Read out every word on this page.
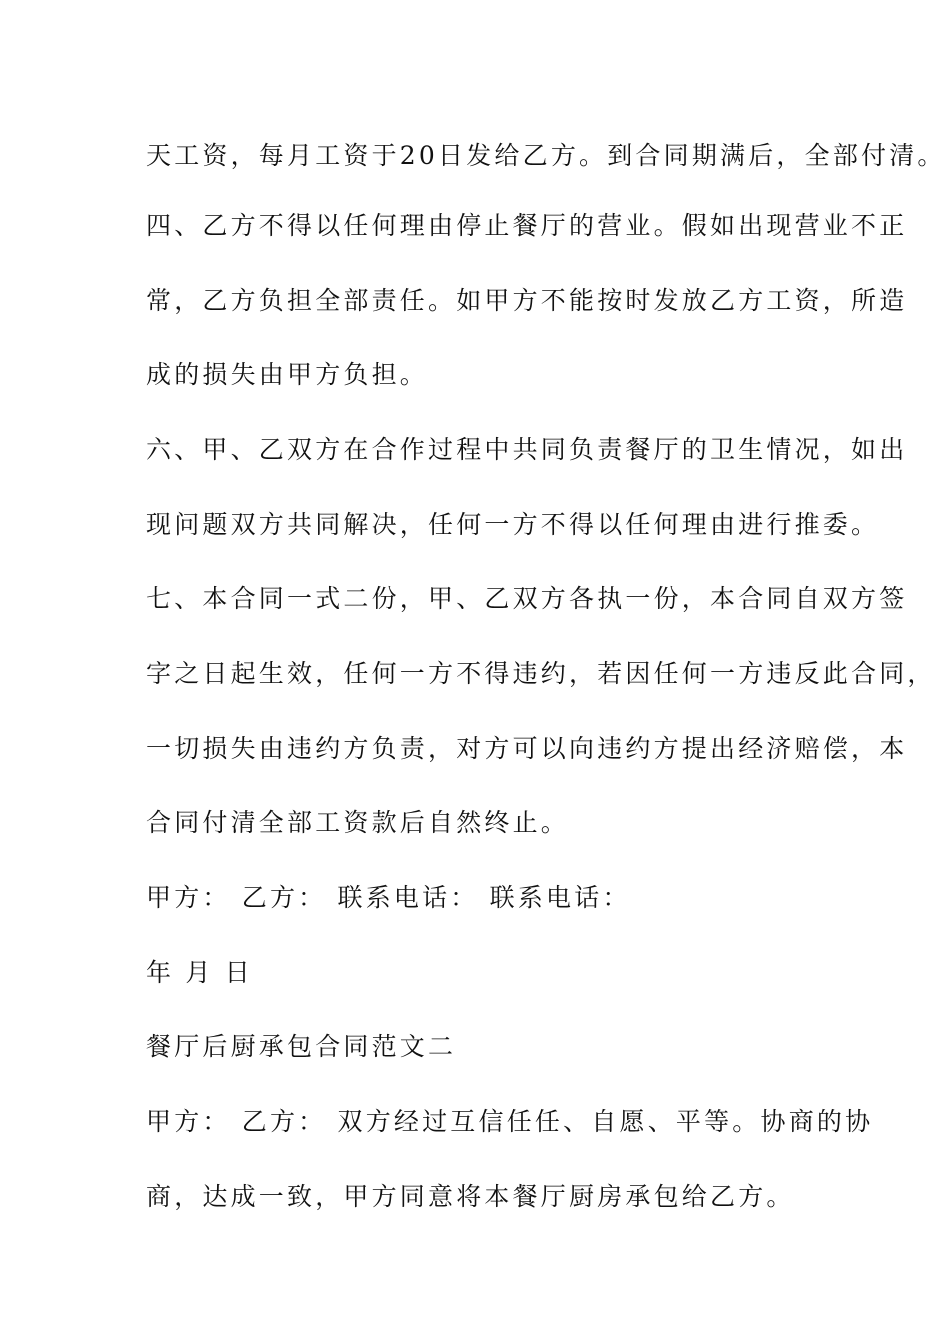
天工资，每月工资于20日发给乙方。到合同期满后，全部付清。
四、乙方不得以任何理由停止餐厅的营业。假如出现营业不正
常，乙方负担全部责任。如甲方不能按时发放乙方工资，所造
成的损失由甲方负担。
六、甲、乙双方在合作过程中共同负责餐厅的卫生情况，如出
现问题双方共同解决，任何一方不得以任何理由进行推委。
七、本合同一式二份，甲、乙双方各执一份，本合同自双方签
字之日起生效，任何一方不得违约，若因任何一方违反此合同，
一切损失由违约方负责，对方可以向违约方提出经济赔偿，本
合同付清全部工资款后自然终止。
甲方： 乙方： 联系电话： 联系电话：
年 月 日
餐厅后厨承包合同范文二
甲方： 乙方： 双方经过互信任任、自愿、平等。协商的协
商，达成一致，甲方同意将本餐厅厨房承包给乙方。
